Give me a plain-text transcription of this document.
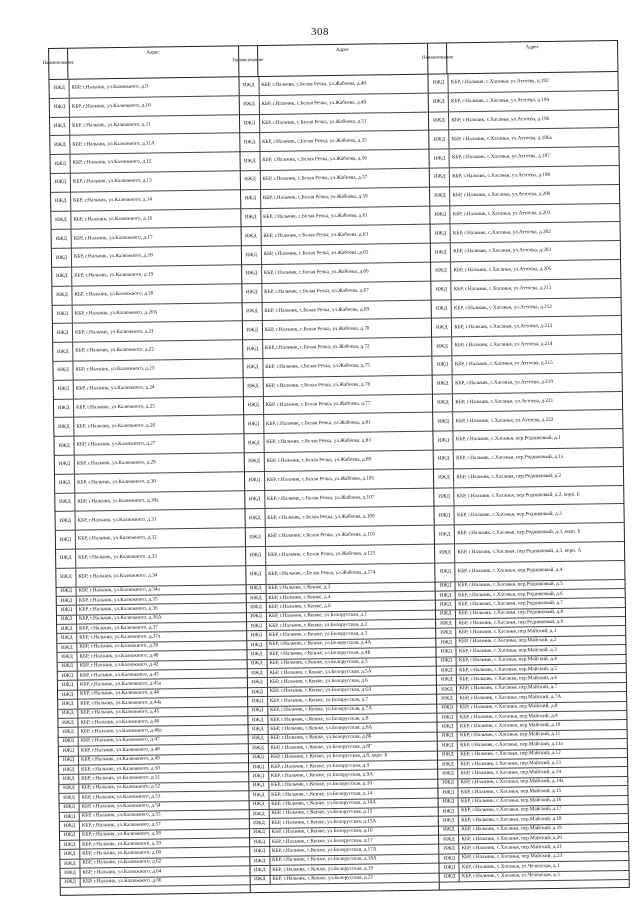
308
Наименование
Адрес
ИЖД	КБР, г.Нальчик, ул.Калюжного, д.9
ИЖД	КБР, г.Нальчик, ул.Калюжного, д.10
ИЖД	КБР, г.Нальчик, ул.Калюжного, д.11
ИЖД	КБР, г.Нальчик, ул.Калюжного, д.11А
ИЖД	КБР, г.Нальчик, ул.Калюжного, д.12
ИЖД	КБР, г.Нальчик, ул.Калюжного, д.13
ИЖД	КБР, г.Нальчик, ул.Калюжного, д.14
ИЖД	КБР, г.Нальчик, ул.Калюжного, д.16
ИЖД	КБР, г.Нальчик, ул.Калюжного, д.17
ИЖД	КБР, г.Нальчик, ул.Калюжного, д.18
ИЖД	КБР, г.Нальчик, ул.Калюжного, д.19
ИЖД	КБР, г.Нальчик, ул.Калюжного, д.20
ИЖД	КБР, г.Нальчик, ул.Калюжного, д.20А
ИЖД	КБР, г.Нальчик, ул.Калюжного, д.21
ИЖД	КБР, г.Нальчик, ул.Калюжного, д.22
ИЖД	КБР, г.Нальчик, ул.Калюжного, д.23
ИЖД	КБР, г.Нальчик, ул.Калюжного, д.24
ИЖД	КБР, г.Нальчик, ул.Калюжного, д.25
ИЖД	КБР, г.Нальчик, ул.Калюжного, д.26
ИЖД	КБР, г.Нальчик, ул.Калюжного, д.27
ИЖД	КБР, г.Нальчик, ул.Калюжного, д.29
ИЖД	КБР, г.Нальчик, ул.Калюжного, д.30
ИЖД	КБР, г.Нальчик, ул.Калюжного, д.30а
ИЖД	КБР, г.Нальчик, ул.Калюжного, д.31
ИЖД	КБР, г.Нальчик, ул.Калюжного, д.32
ИЖД	КБР, г.Нальчик, ул.Калюжного, д.33
ИЖД	КБР, г.Нальчик, ул.Калюжного, д.34
ИЖД	КБР, г.Нальчик, ул.Калюжного, д.34а
ИЖД	КБР, г.Нальчик, ул.Калюжного, д.35
ИЖД	КБР, г.Нальчик, ул.Калюжного, д.36
ИЖД	КБР, г.Нальчик, ул.Калюжного, д.36А
ИЖД	КБР, г.Нальчик, ул.Калюжного, д.37
ИЖД	КБР, г.Нальчик, ул.Калюжного, д.37а
ИЖД	КБР, г.Нальчик, ул.Калюжного, д.39
ИЖД	КБР, г.Нальчик, ул.Калюжного, д.40
ИЖД	КБР, г.Нальчик, ул.Калюжного, д.42
ИЖД	КБР, г.Нальчик, ул.Калюжного, д.43
ИЖД	КБР, г.Нальчик, ул.Калюжного, д.43а
ИЖД	КБР, г.Нальчик, ул.Калюжного, д.44
ИЖД	КБР, г.Нальчик, ул.Калюжного, д.44а
ИЖД	КБР, г.Нальчик, ул.Калюжного, д.45
ИЖД	КБР, г.Нальчик, ул.Калюжного, д.46
ИЖД	КБР, г.Нальчик, ул.Калюжного, д.46а
ИЖД	КБР, г.Нальчик, ул.Калюжного, д.47
ИЖД	КБР, г.Нальчик, ул.Калюжного, д.48
ИЖД	КБР, г.Нальчик, ул.Калюжного, д.49
ИЖД	КБР, г.Нальчик, ул.Калюжного, д.50
ИЖД	КБР, г.Нальчик, ул.Калюжного, д.51
ИЖД	КБР, г.Нальчик, ул.Калюжного, д.52
ИЖД	КБР, г.Нальчик, ул.Калюжного, д.53
ИЖД	КБР, г.Нальчик, ул.Калюжного, д.54
ИЖД	КБР, г.Нальчик, ул.Калюжного, д.55
ИЖД	КБР, г.Нальчик, ул.Калюжного, д.57
ИЖД	КБР, г.Нальчик, ул.Калюжного, д.58
ИЖД	КБР, г.Нальчик, ул.Калюжного, д.59
ИЖД	КБР, г.Нальчик, ул.Калюжного, д.60
ИЖД	КБР, г.Нальчик, ул.Калюжного, д.62
ИЖД	КБР, г.Нальчик, ул.Калюжного, д.64
ИЖД	КБР, г.Нальчик, ул.Калюжного, д.66
Наименование
Адрес
ИЖД	КБР, г.Нальчик, с.Белая Речка, ул.Жабоева, д.48
ИЖД	КБР, г.Нальчик, с.Белая Речка, ул.Жабоева, д.49
ИЖД	КБР, г.Нальчик, с.Белая Речка, ул.Жабоева, д.51
ИЖД	КБР, г.Нальчик, с.Белая Речка, ул.Жабоева, д.55
ИЖД	КБР, г.Нальчик, с.Белая Речка, ул.Жабоева, д.56
ИЖД	КБР, г.Нальчик, с.Белая Речка, ул.Жабоева, д.57
ИЖД	КБР, г.Нальчик, с.Белая Речка, ул.Жабоева, д.59
ИЖД	КБР, г.Нальчик, с.Белая Речка, ул.Жабоева, д.61
ИЖД	КБР, г.Нальчик, с.Белая Речка, ул.Жабоева, д.63
ИЖД	КБР, г.Нальчик, с.Белая Речка, ул.Жабоева, д.65
ИЖД	КБР, г.Нальчик, с.Белая Речка, ул.Жабоева, д.66
ИЖД	КБР, г.Нальчик, с.Белая Речка, ул.Жабоева, д.67
ИЖД	КБР, г.Нальчик, с.Белая Речка, ул.Жабоева, д.69
ИЖД	КБР, г.Нальчик, с.Белая Речка, ул.Жабоева, д.70
ИЖД	КБР, г.Нальчик, с.Белая Речка, ул.Жабоева, д.72
ИЖД	КБР, г.Нальчик, с.Белая Речка, ул.Жабоева, д.75
ИЖД	КБР, г.Нальчик, с.Белая Речка, ул.Жабоева, д.76
ИЖД	КБР, г.Нальчик, с.Белая Речка, ул.Жабоева, д.77
ИЖД	КБР, г.Нальчик, с.Белая Речка, ул.Жабоева, д.81
ИЖД	КБР, г.Нальчик, с.Белая Речка, ул.Жабоева, д.83
ИЖД	КБР, г.Нальчик, с.Белая Речка, ул.Жабоева, д.89
ИЖД	КБР, г.Нальчик, с.Белая Речка, ул.Жабоева, д.105
ИЖД	КБР, г.Нальчик, с.Белая Речка, ул.Жабоева, д.107
ИЖД	КБР, г.Нальчик, с.Белая Речка, ул.Жабоева, д.109
ИЖД	КБР, г.Нальчик, с.Белая Речка, ул.Жабоева, д.110
ИЖД	КБР, г.Нальчик, с.Белая Речка, ул.Жабоева, д.125
ИЖД	КБР, г.Нальчик, с.Белая Речка, ул.Жабоева, д.174
ИЖД	КБР, г.Нальчик, с.Кенже, д.2
ИЖД	КБР, г.Нальчик, с.Кенже, д.4
ИЖД	КБР, г.Нальчик, с.Кенже, д.6
ИЖД	КБР, г.Нальчик, с.Кенже, ул.Белорусская, д.1
ИЖД	КБР, г.Нальчик, с.Кенже, ул.Белорусская, д.2
ИЖД	КБР, г.Нальчик, с.Кенже, ул.Белорусская, д.3
ИЖД	КБР, г.Нальчик, с.Кенже, ул.Белорусская, д.4А
ИЖД	КБР, г.Нальчик, с.Кенже, ул.Белорусская, д.4Б
ИЖД	КБР, г.Нальчик, с.Кенже, ул.Белорусская, д.5
ИЖД	КБР, г.Нальчик, с.Кенже, ул.Белорусская, д.5А
ИЖД	КБР, г.Нальчик, с.Кенже, ул.Белорусская, д.6
ИЖД	КБР, г.Нальчик, с.Кенже, ул.Белорусская, д.6А
ИЖД	КБР, г.Нальчик, с.Кенже, ул.Белорусская, д.7
ИЖД	КБР, г.Нальчик, с.Кенже, ул.Белорусская, д.7А
ИЖД	КБР, г.Нальчик, с.Кенже, ул.Белорусская, д.8
ИЖД	КБР, г.Нальчик, с.Кенже, ул.Белорусская, д.8А
ИЖД	КБР, г.Нальчик, с.Кенже, ул.Белорусская, д.8Б
ИЖД	КБР, г.Нальчик, с.Кенже, ул.Белорусская, д.8Г
ИЖД	КБР, г.Нальчик, с.Кенже, ул.Белорусская, д.8, корп. Б
ИЖД	КБР, г.Нальчик, с.Кенже, ул.Белорусская, д.9
ИЖД	КБР, г.Нальчик, с.Кенже, ул.Белорусская, д.9А
ИЖД	КБР, г.Нальчик, с.Кенже, ул.Белорусская, д.10
ИЖД	КБР, г.Нальчик, с.Кенже, ул.Белорусская, д.14
ИЖД	КБР, г.Нальчик, с.Кенже, ул.Белорусская, д.14А
ИЖД	КБР, г.Нальчик, с.Кенже, ул.Белорусская, д.15
ИЖД	КБР, г.Нальчик, с.Кенже, ул.Белорусская, д.15А
ИЖД	КБР, г.Нальчик, с.Кенже, ул.Белорусская, д.16
ИЖД	КБР, г.Нальчик, с.Кенже, ул.Белорусская, д.17
ИЖД	КБР, г.Нальчик, с.Кенже, ул.Белорусская, д.17А
ИЖД	КБР, г.Нальчик, с.Кенже, ул.Белорусская, д.18А
ИЖД	КБР, г.Нальчик, с.Кенже, ул.Белорусская, д.19
ИЖД	КБР, г.Нальчик, с.Кенже, ул.Белорусская, д.21
Наименование
Адрес
ИЖД	КБР, г.Нальчик, с.Хасанья, ул.Аттоева, д.192
ИЖД	КБР, г.Нальчик, с.Хасанья, ул.Аттоева, д.194
ИЖД	КБР, г.Нальчик, с.Хасанья, ул.Аттоева, д.196
ИЖД	КБР, г.Нальчик, с.Хасанья, ул.Аттоева, д.196а
ИЖД	КБР, г.Нальчик, с.Хасанья, ул.Аттоева, д.197
ИЖД	КБР, г.Нальчик, с.Хасанья, ул.Аттоева, д.198
ИЖД	КБР, г.Нальчик, с.Хасанья, ул.Аттоева, д.200
ИЖД	КБР, г.Нальчик, с.Хасанья, ул.Аттоева, д.201
ИЖД	КБР, г.Нальчик, с.Хасанья, ул.Аттоева, д.202
ИЖД	КБР, г.Нальчик, с.Хасанья, ул.Аттоева, д.203
ИЖД	КБР, г.Нальчик, с.Хасанья, ул.Аттоева, д.205
ИЖД	КБР, г.Нальчик, с.Хасанья, ул.Аттоева, д.211
ИЖД	КБР, г.Нальчик, с.Хасанья, ул.Аттоева, д.212
ИЖД	КБР, г.Нальчик, с.Хасанья, ул.Аттоева, д.213
ИЖД	КБР, г.Нальчик, с.Хасанья, ул.Аттоева, д.214
ИЖД	КБР, г.Нальчик, с.Хасанья, ул.Аттоева, д.215
ИЖД	КБР, г.Нальчик, с.Хасанья, ул.Аттоева, д.219
ИЖД	КБР, г.Нальчик, с.Хасанья, ул.Аттоева, д.221
ИЖД	КБР, г.Нальчик, с.Хасанья, ул.Аттоева, д.222
ИЖД	КБР, г.Нальчик, с.Хасанья, пер.Родниковый, д.1
ИЖД	КБР, г.Нальчик, с.Хасанья, пер.Родниковый, д.1а
ИЖД	КБР, г.Нальчик, с.Хасанья, пер.Родниковый, д.2
ИЖД	КБР, г.Нальчик, с.Хасанья, пер.Родниковый, д.2, корп. Б
ИЖД	КБР, г.Нальчик, с.Хасанья, пер.Родниковый, д.3
ИЖД	КБР, г.Нальчик, с.Хасанья, пер.Родниковый, д.3, корп. Б
ИЖД	КБР, г.Нальчик, с.Хасанья, пер.Родниковый, д.3, корп. А
ИЖД	КБР, г.Нальчик, с.Хасанья, пер.Родниковый, д.4
ИЖД	КБР, г.Нальчик, с.Хасанья, пер.Родниковый, д.5
ИЖД	КБР, г.Нальчик, с.Хасанья, пер.Родниковый, д.6
ИЖД	КБР, г.Нальчик, с.Хасанья, пер.Родниковый, д.7
ИЖД	КБР, г.Нальчик, с.Хасанья, пер.Родниковый, д.8
ИЖД	КБР, г.Нальчик, с.Хасанья, пер.Родниковый, д.9
ИЖД	КБР, г.Нальчик, с.Хасанья, пер.Майский, д.1
ИЖД	КБР, г.Нальчик, с.Хасанья, пер.Майский, д.2
ИЖД	КБР, г.Нальчик, с.Хасанья, пер.Майский, д.3
ИЖД	КБР, г.Нальчик, с.Хасанья, пер.Майский, д.4
ИЖД	КБР, г.Нальчик, с.Хасанья, пер.Майский, д.5
ИЖД	КБР, г.Нальчик, с.Хасанья, пер.Майский, д.6
ИЖД	КБР, г.Нальчик, с.Хасанья, пер.Майский, д.7
ИЖД	КБР, г.Нальчик, с.Хасанья, пер.Майский, д.7А
ИЖД	КБР, г.Нальчик, с.Хасанья, пер.Майский, д.8
ИЖД	КБР, г.Нальчик, с.Хасанья, пер.Майский, д.9
ИЖД	КБР, г.Нальчик, с.Хасанья, пер.Майский, д.10
ИЖД	КБР, г.Нальчик, с.Хасанья, пер.Майский, д.11
ИЖД	КБР, г.Нальчик, с.Хасанья, пер.Майский, д.11а
ИЖД	КБР, г.Нальчик, с.Хасанья, пер.Майский, д.12
ИЖД	КБР, г.Нальчик, с.Хасанья, пер.Майский, д.13
ИЖД	КБР, г.Нальчик, с.Хасанья, пер.Майский, д.14
ИЖД	КБР, г.Нальчик, с.Хасанья, пер.Майский, д.14а
ИЖД	КБР, г.Нальчик, с.Хасанья, пер.Майский, д.15
ИЖД	КБР, г.Нальчик, с.Хасанья, пер.Майский, д.16
ИЖД	КБР, г.Нальчик, с.Хасанья, пер.Майский, д.17
ИЖД	КБР, г.Нальчик, с.Хасанья, пер.Майский, д.18
ИЖД	КБР, г.Нальчик, с.Хасанья, пер.Майский, д.19
ИЖД	КБР, г.Нальчик, с.Хасанья, пер.Майский, д.20
ИЖД	КБР, г.Нальчик, с.Хасанья, пер.Майский, д.21
ИЖД	КБР, г.Нальчик, с.Хасанья, пер.Майский, д.23
ИЖД	КБР, г.Нальчик, с.Хасанья, ул.Чеченская, д.1
ИЖД	КБР, г.Нальчик, с.Хасанья, ул.Чеченская, д.3
